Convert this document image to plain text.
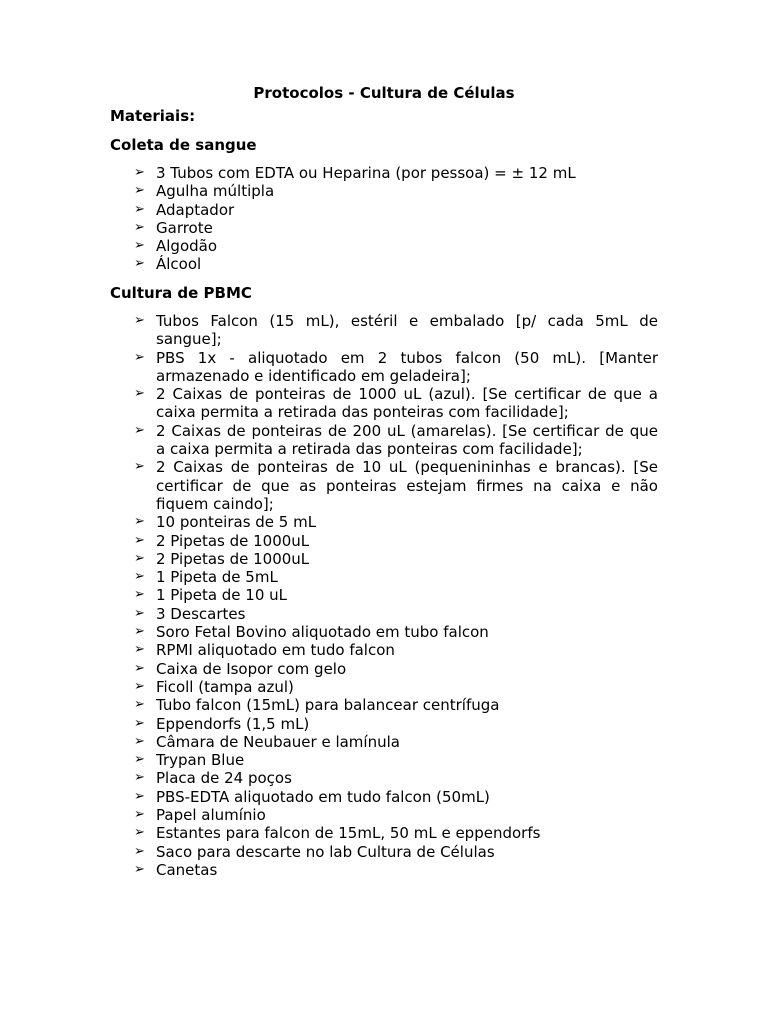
Protocolos - Cultura de Células
Materiais:
Coleta de sangue
➢ 3 Tubos com EDTA ou Heparina (por pessoa) = ± 12 mL
➢ Agulha múltipla
➢ Adaptador
➢ Garrote
➢ Algodão
➢ Álcool
Cultura de PBMC
➢ Tubos Falcon (15 mL), estéril e embalado [p/ cada 5mL de sangue];
➢ PBS 1x - aliquotado em 2 tubos falcon (50 mL). [Manter armazenado e identificado em geladeira];
➢ 2 Caixas de ponteiras de 1000 uL (azul). [Se certificar de que a caixa permita a retirada das ponteiras com facilidade];
➢ 2 Caixas de ponteiras de 200 uL (amarelas). [Se certificar de que a caixa permita a retirada das ponteiras com facilidade];
➢ 2 Caixas de ponteiras de 10 uL (pequenininhas e brancas). [Se certificar de que as ponteiras estejam firmes na caixa e não fiquem caindo];
➢ 10 ponteiras de 5 mL
➢ 2 Pipetas de 1000uL
➢ 2 Pipetas de 1000uL
➢ 1 Pipeta de 5mL
➢ 1 Pipeta de 10 uL
➢ 3 Descartes
➢ Soro Fetal Bovino aliquotado em tubo falcon
➢ RPMI aliquotado em tudo falcon
➢ Caixa de Isopor com gelo
➢ Ficoll (tampa azul)
➢ Tubo falcon (15mL) para balancear centrífuga
➢ Eppendorfs (1,5 mL)
➢ Câmara de Neubauer e lamínula
➢ Trypan Blue
➢ Placa de 24 poços
➢ PBS-EDTA aliquotado em tudo falcon (50mL)
➢ Papel alumínio
➢ Estantes para falcon de 15mL, 50 mL e eppendorfs
➢ Saco para descarte no lab Cultura de Células
➢ Canetas
